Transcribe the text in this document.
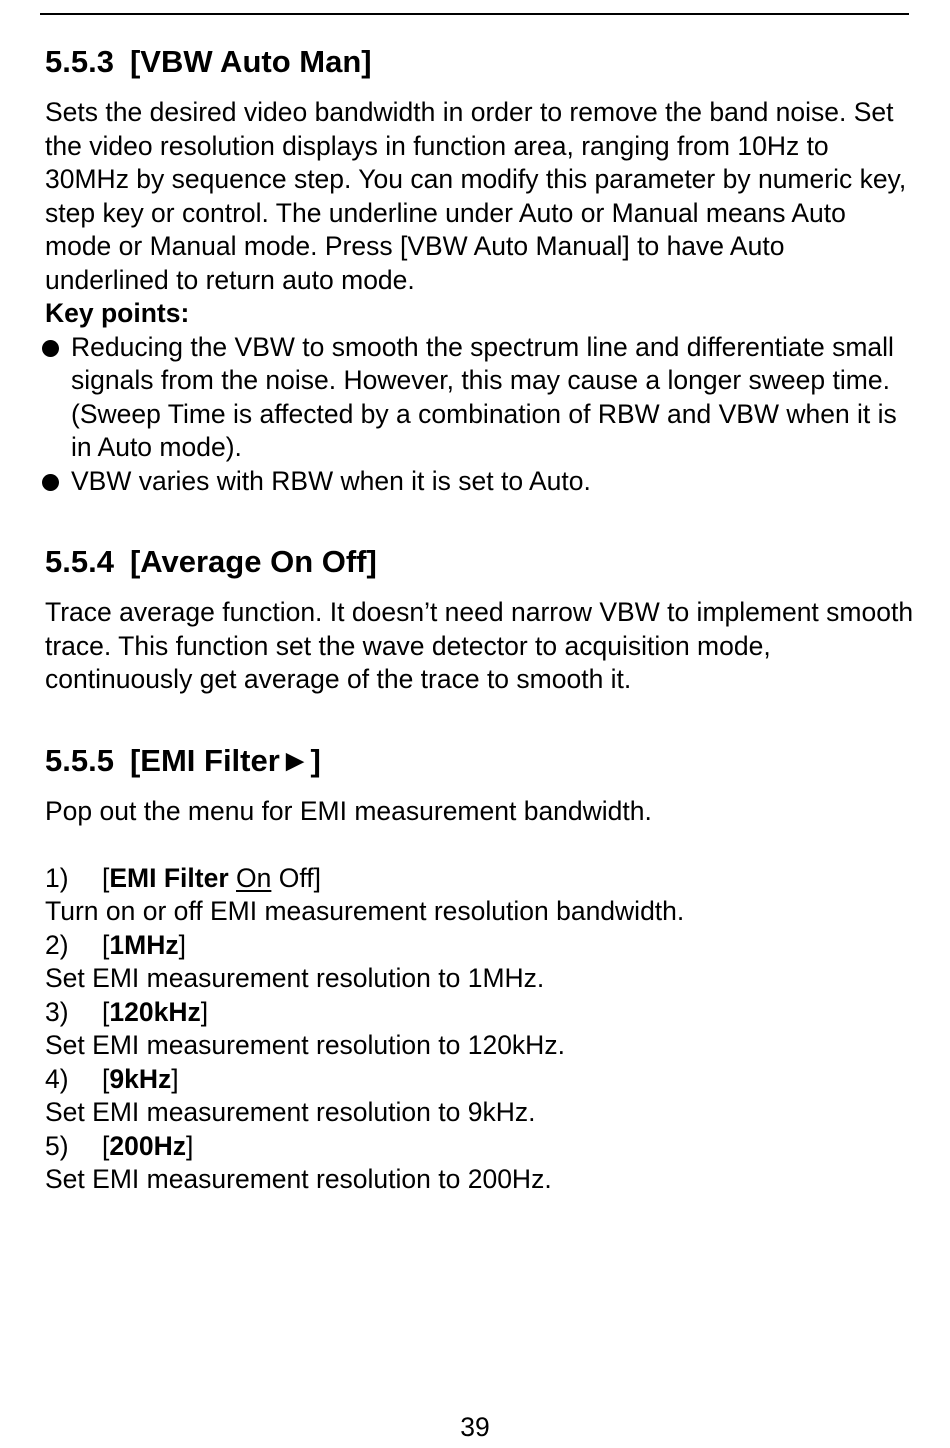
5.5.3 [VBW Auto Man]

Sets the desired video bandwidth in order to remove the band noise. Set the video resolution displays in function area, ranging from 10Hz to 30MHz by sequence step. You can modify this parameter by numeric key, step key or control. The underline under Auto or Manual means Auto mode or Manual mode. Press [VBW Auto Manual] to have Auto underlined to return auto mode.

Key points:
Reducing the VBW to smooth the spectrum line and differentiate small signals from the noise. However, this may cause a longer sweep time. (Sweep Time is affected by a combination of RBW and VBW when it is in Auto mode).
VBW varies with RBW when it is set to Auto.
5.5.4 [Average On Off]

Trace average function. It doesn’t need narrow VBW to implement smooth trace. This function set the wave detector to acquisition mode, continuously get average of the trace to smooth it.

5.5.5 [EMI Filter►]

Pop out the menu for EMI measurement bandwidth.

1) [EMI Filter On Off]

Turn on or off EMI measurement resolution bandwidth.

2) [1MHz]

Set EMI measurement resolution to 1MHz.

3) [120kHz]

Set EMI measurement resolution to 120kHz.

4) [9kHz]

Set EMI measurement resolution to 9kHz.

5) [200Hz]

Set EMI measurement resolution to 200Hz.

39
